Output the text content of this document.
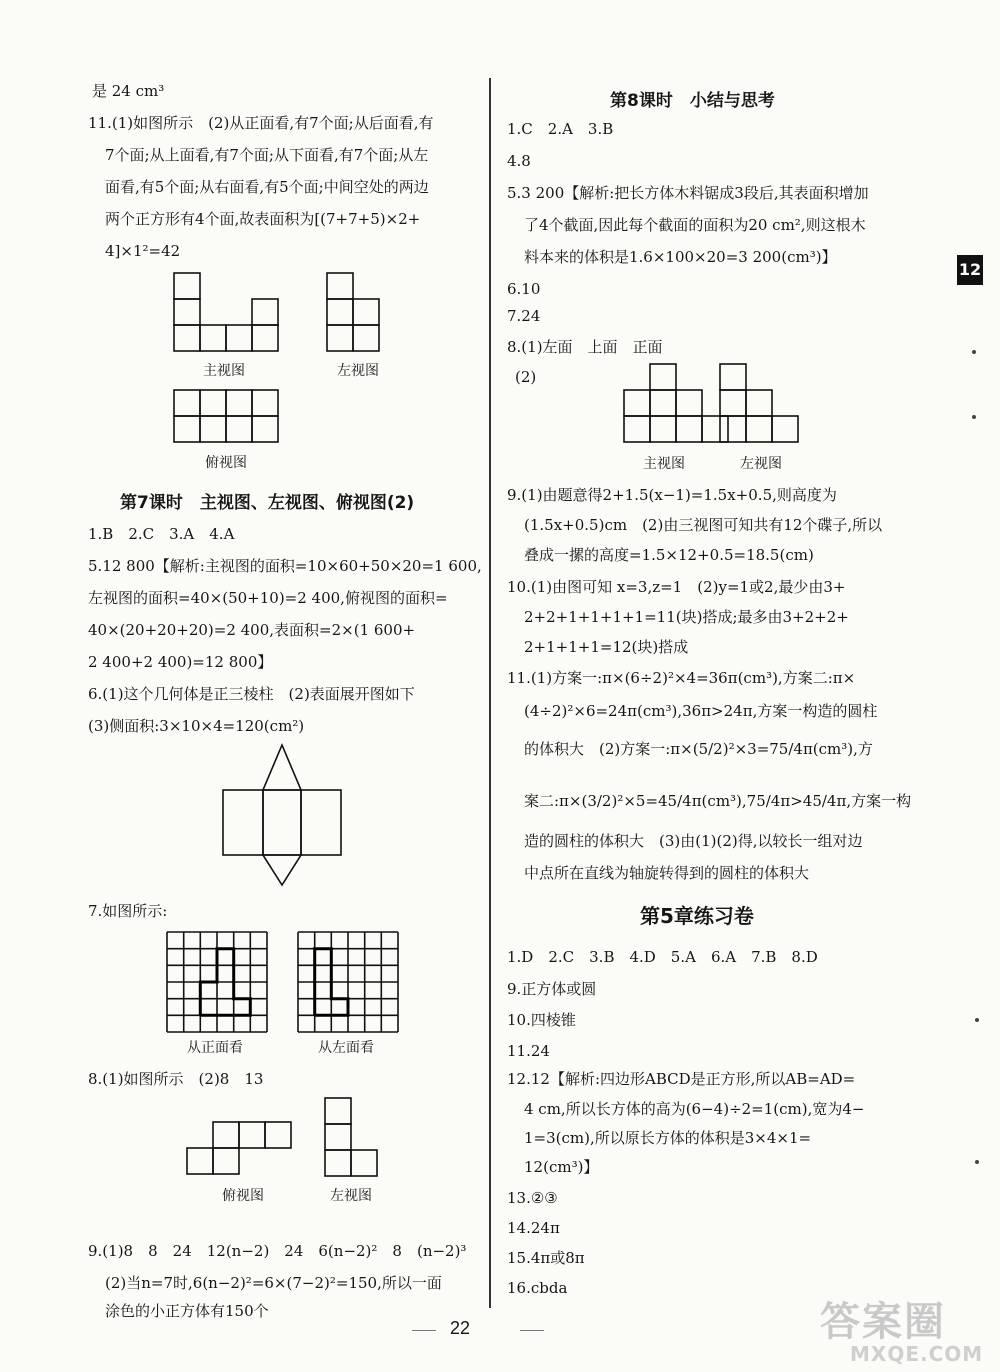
是 24 cm³
11.(1)如图所示　(2)从正面看,有7个面;从后面看,有
7个面;从上面看,有7个面;从下面看,有7个面;从左
面看,有5个面;从右面看,有5个面;中间空处的两边
两个正方形有4个面,故表面积为[(7+7+5)×2+
4]×1²=42
主视图	左视图
俯视图
第7课时　主视图、左视图、俯视图(2)
1.B　2.C　3.A　4.A
5.12 800【解析:主视图的面积=10×60+50×20=1 600,
左视图的面积=40×(50+10)=2 400,俯视图的面积=
40×(20+20+20)=2 400,表面积=2×(1 600+
2 400+2 400)=12 800】
6.(1)这个几何体是正三棱柱　(2)表面展开图如下
(3)侧面积:3×10×4=120(cm²)
7.如图所示:
从正面看	从左面看
8.(1)如图所示　(2)8　13
俯视图	左视图
9.(1)8　8　24　12(n−2)　24　6(n−2)²　8　(n−2)³
(2)当n=7时,6(n−2)²=6×(7−2)²=150,所以一面
涂色的小正方体有150个
第8课时　小结与思考
1.C　2.A　3.B
4.8
5.3 200【解析:把长方体木料锯成3段后,其表面积增加
了4个截面,因此每个截面的面积为20 cm²,则这根木
料本来的体积是1.6×100×20=3 200(cm³)】
6.10
7.24
8.(1)左面　上面　正面
(2)
主视图	左视图
9.(1)由题意得2+1.5(x−1)=1.5x+0.5,则高度为
(1.5x+0.5)cm　(2)由三视图可知共有12个碟子,所以
叠成一摞的高度=1.5×12+0.5=18.5(cm)
10.(1)由图可知 x=3,z=1　(2)y=1或2,最少由3+
2+2+1+1+1+1=11(块)搭成;最多由3+2+2+
2+1+1+1=12(块)搭成
11.(1)方案一:π×(6÷2)²×4=36π(cm³),方案二:π×
(4÷2)²×6=24π(cm³),36π>24π,方案一构造的圆柱
的体积大　(2)方案一:π×(5/2)²×3=75/4π(cm³),方
案二:π×(3/2)²×5=45/4π(cm³),75/4π>45/4π,方案一构
造的圆柱的体积大　(3)由(1)(2)得,以较长一组对边
中点所在直线为轴旋转得到的圆柱的体积大
第5章练习卷
1.D　2.C　3.B　4.D　5.A　6.A　7.B　8.D
9.正方体或圆
10.四棱锥
11.24
12.12【解析:四边形ABCD是正方形,所以AB=AD=
4 cm,所以长方体的高为(6−4)÷2=1(cm),宽为4−
1=3(cm),所以原长方体的体积是3×4×1=
12(cm³)】
13.②③
14.24π
15.4π或8π
16.cbda
12
22	答案圈
MXQE.COM
